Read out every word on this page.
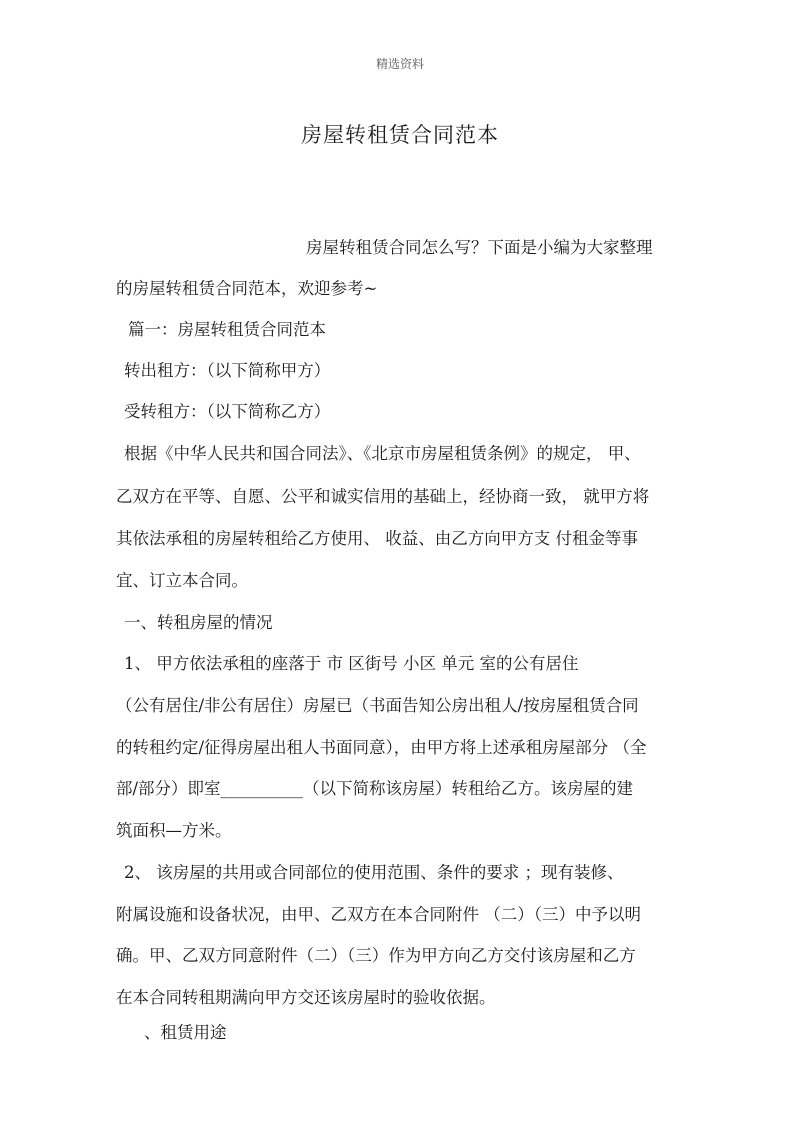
精选资料
房屋转租赁合同范本
房屋转租赁合同怎么写？下面是小编为大家整理
的房屋转租赁合同范本，欢迎参考~
篇一：房屋转租赁合同范本
转出租方：（以下简称甲方）
受转租方：（以下简称乙方）
根据《中华人民共和国合同法》、《北京市房屋租赁条例》的规定， 甲、
乙双方在平等、自愿、公平和诚实信用的基础上，经协商一致， 就甲方将
其依法承租的房屋转租给乙方使用、 收益、由乙方向甲方支 付租金等事
宜、订立本合同。
一、转租房屋的情况
1、 甲方依法承租的座落于 市 区街号 小区 单元 室的公有居住
（公有居住/非公有居住）房屋已（书面告知公房出租人/按房屋租赁合同
的转租约定/征得房屋出租人书面同意），由甲方将上述承租房屋部分 （全
部/部分）即室__________（以下简称该房屋）转租给乙方。该房屋的建
筑面积—方米。
2、 该房屋的共用或合同部位的使用范围、条件的要求 ；现有装修、
附属设施和设备状况，由甲、乙双方在本合同附件 （二）（三）中予以明
确。甲、乙双方同意附件（二）（三）作为甲方向乙方交付该房屋和乙方
在本合同转租期满向甲方交还该房屋时的验收依据。
、租赁用途
